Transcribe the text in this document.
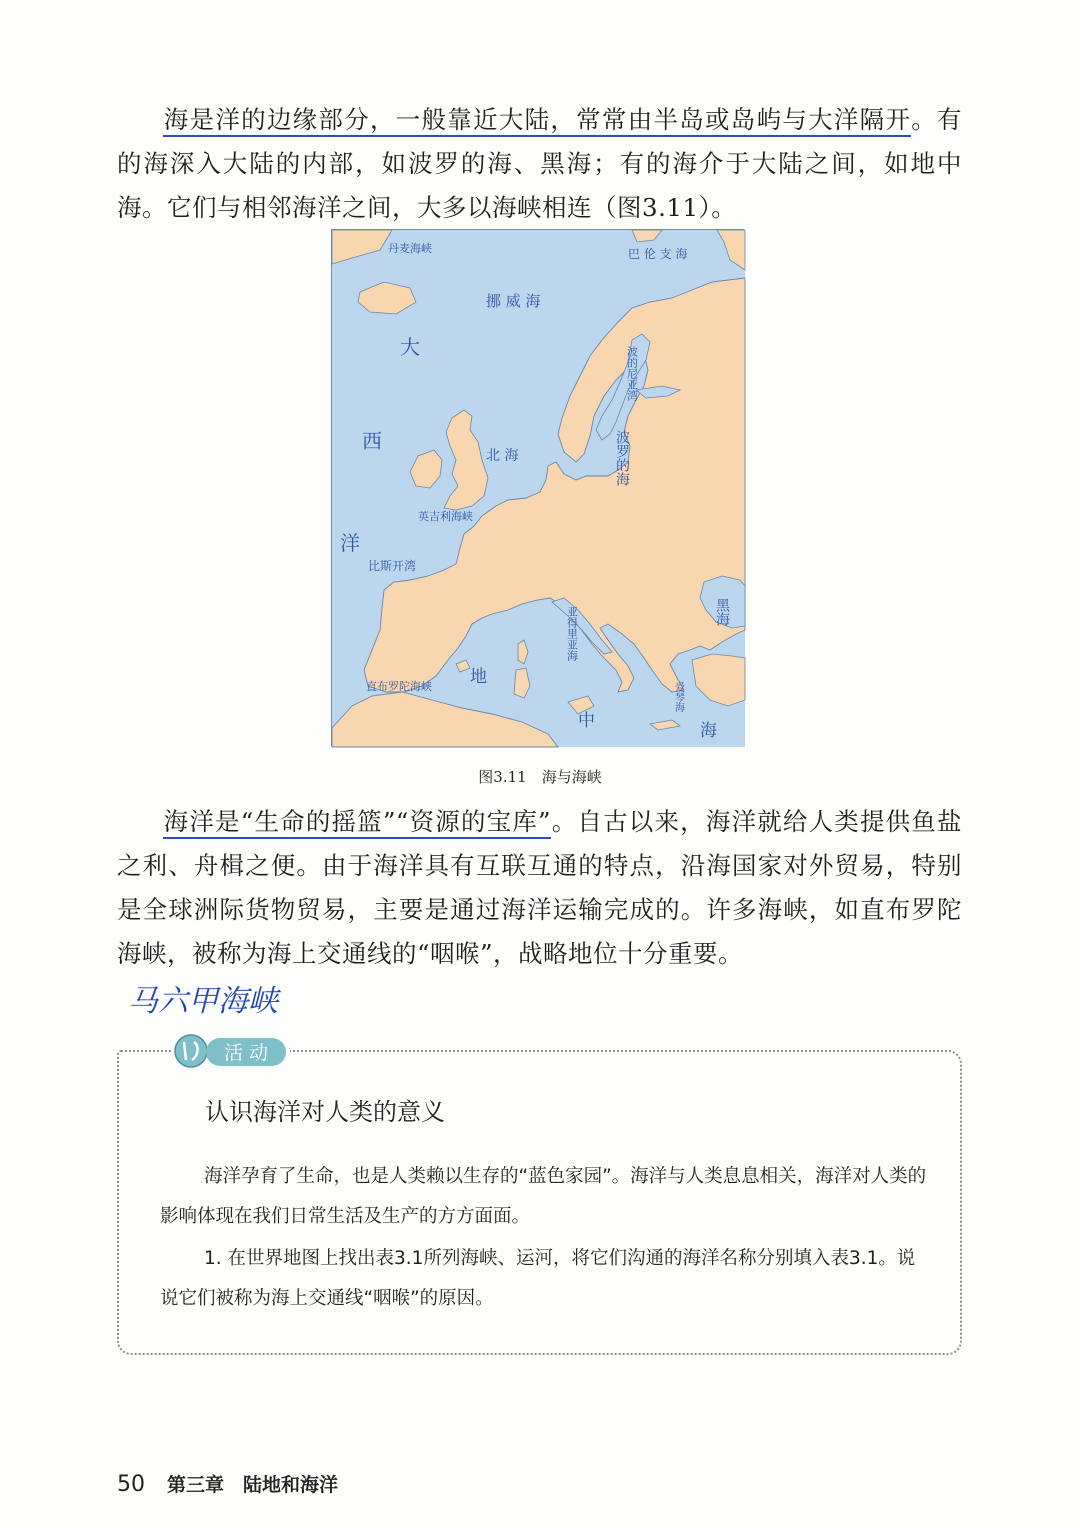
海是洋的边缘部分，一般靠近大陆，常常由半岛或岛屿与大洋隔开。有的海深入大陆的内部，如波罗的海、黑海；有的海介于大陆之间，如地中海。它们与相邻海洋之间，大多以海峡相连（图3.11）。

丹麦海峡	巴 伦 支 海
挪 威 海
大
西
洋
北 海
英吉利海峡
比斯开湾
波的尼亚湾
波罗的海
黑海
亚得里亚海
直布罗陀海峡 地
中	海
爱琴海
图3.11　海与海峡

海洋是“生命的摇篮”“资源的宝库”。自古以来，海洋就给人类提供鱼盐之利、舟楫之便。由于海洋具有互联互通的特点，沿海国家对外贸易，特别是全球洲际货物贸易，主要是通过海洋运输完成的。许多海峡，如直布罗陀海峡，被称为海上交通线的“咽喉”，战略地位十分重要。

马六甲海峡
活 动
认识海洋对人类的意义

海洋孕育了生命，也是人类赖以生存的“蓝色家园”。海洋与人类息息相关，海洋对人类的影响体现在我们日常生活及生产的方方面面。

1. 在世界地图上找出表3.1所列海峡、运河，将它们沟通的海洋名称分别填入表3.1。说说它们被称为海上交通线“咽喉”的原因。

50 第三章　陆地和海洋
